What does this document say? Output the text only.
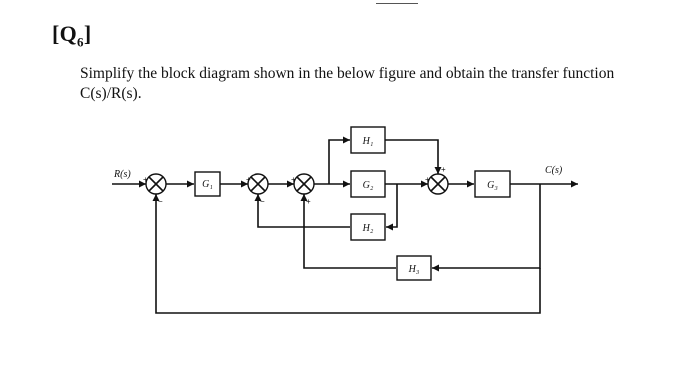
$[Q_6]$
Simplify the block diagram shown in the below figure and obtain the transfer function
C(s)/R(s).
+
−
+
−
+
+
+
+
G₁
H₁
G₂
H₂
G₃
H₃
R(s)	C(s)
